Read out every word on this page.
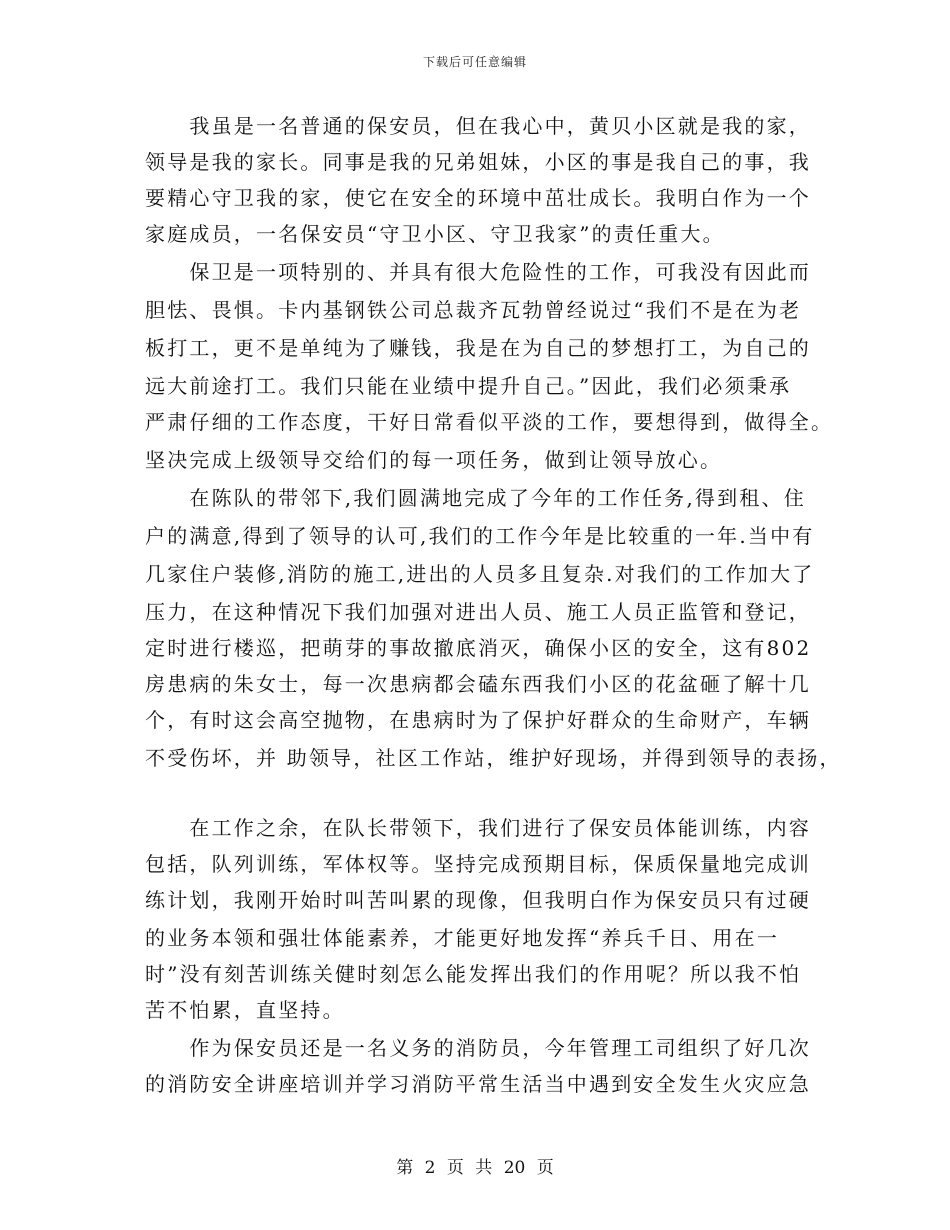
下载后可任意编辑
　　我虽是一名普通的保安员，但在我心中，黄贝小区就是我的家，
领导是我的家长。同事是我的兄弟姐妹，小区的事是我自己的事，我
要精心守卫我的家，使它在安全的环境中茁壮成长。我明白作为一个
家庭成员，一名保安员“守卫小区、守卫我家”的责任重大。
　　保卫是一项特别的、并具有很大危险性的工作，可我没有因此而
胆怯、畏惧。卡内基钢铁公司总裁齐瓦勃曾经说过“我们不是在为老
板打工，更不是单纯为了赚钱，我是在为自己的梦想打工，为自己的
远大前途打工。我们只能在业绩中提升自己。”因此，我们必须秉承
严肃仔细的工作态度，干好日常看似平淡的工作，要想得到，做得全。
坚决完成上级领导交给们的每一项任务，做到让领导放心。
　　在陈队的带邻下,我们圆满地完成了今年的工作任务,得到租、住
户的满意,得到了领导的认可,我们的工作今年是比较重的一年.当中有
几家住户装修,消防的施工,进出的人员多且复杂.对我们的工作加大了
压力，在这种情况下我们加强对进出人员、施工人员正监管和登记，
定时进行楼巡，把萌芽的事故撤底消灭，确保小区的安全，这有802
房患病的朱女士，每一次患病都会磕东西我们小区的花盆砸了解十几
个，有时这会高空抛物，在患病时为了保护好群众的生命财产，车辆
不受伤坏，并 助领导，社区工作站，维护好现场，并得到领导的表扬，
　　在工作之余，在队长带领下，我们进行了保安员体能训练，内容
包括，队列训练，军体权等。坚持完成预期目标，保质保量地完成训
练计划，我刚开始时叫苦叫累的现像，但我明白作为保安员只有过硬
的业务本领和强壮体能素养，才能更好地发挥“养兵千日、用在一
时”没有刻苦训练关健时刻怎么能发挥出我们的作用呢？所以我不怕
苦不怕累，直坚持。
　　作为保安员还是一名义务的消防员，今年管理工司组织了好几次
的消防安全讲座培训并学习消防平常生活当中遇到安全发生火灾应急
第 2 页 共 20 页
